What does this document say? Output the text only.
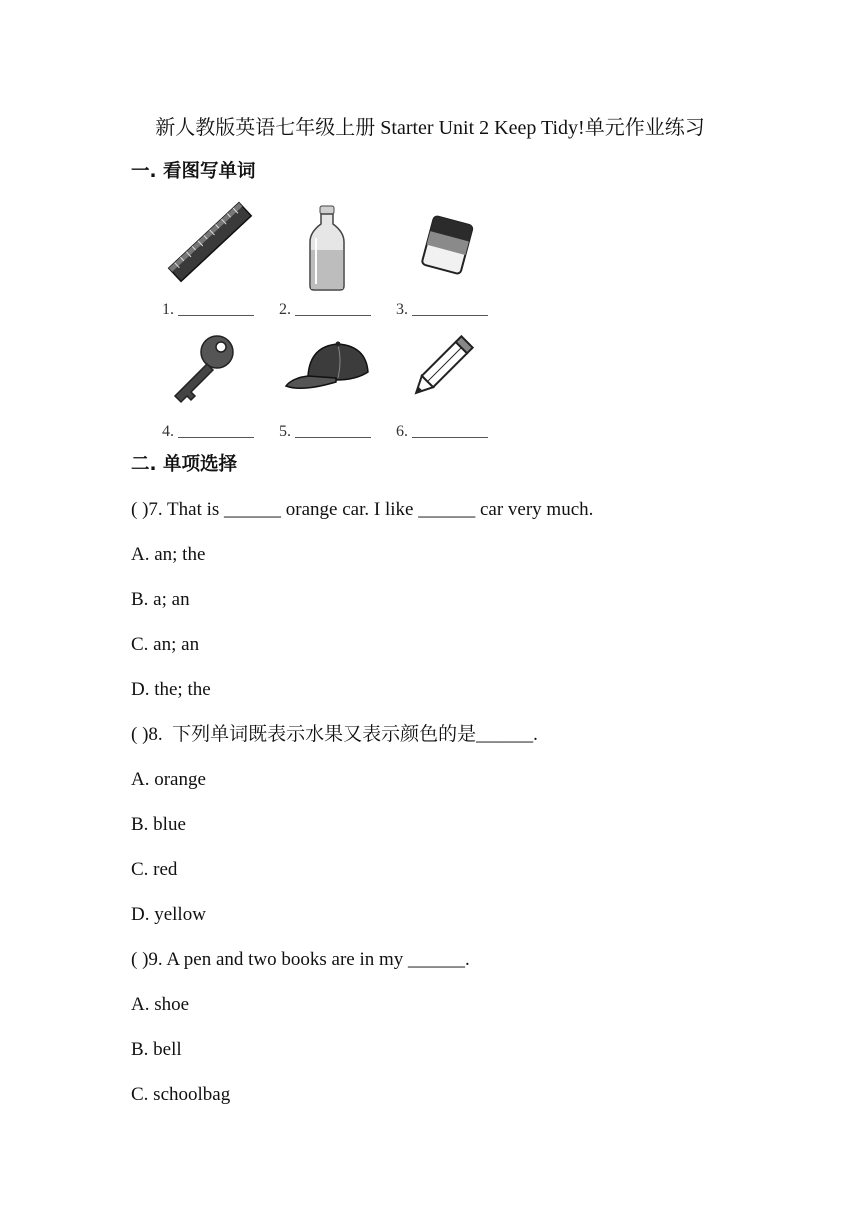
新人教版英语七年级上册 Starter Unit 2 Keep Tidy!单元作业练习
一. 看图写单词
1.	2.	3.
4.	5.	6.
二. 单项选择
( )7. That is ______ orange car. I like ______ car very much.
A. an; the
B. a; an
C. an; an
D. the; the
( )8.  下列单词既表示水果又表示颜色的是______.
A. orange
B. blue
C. red
D. yellow
( )9. A pen and two books are in my ______.
A. shoe
B. bell
C. schoolbag
